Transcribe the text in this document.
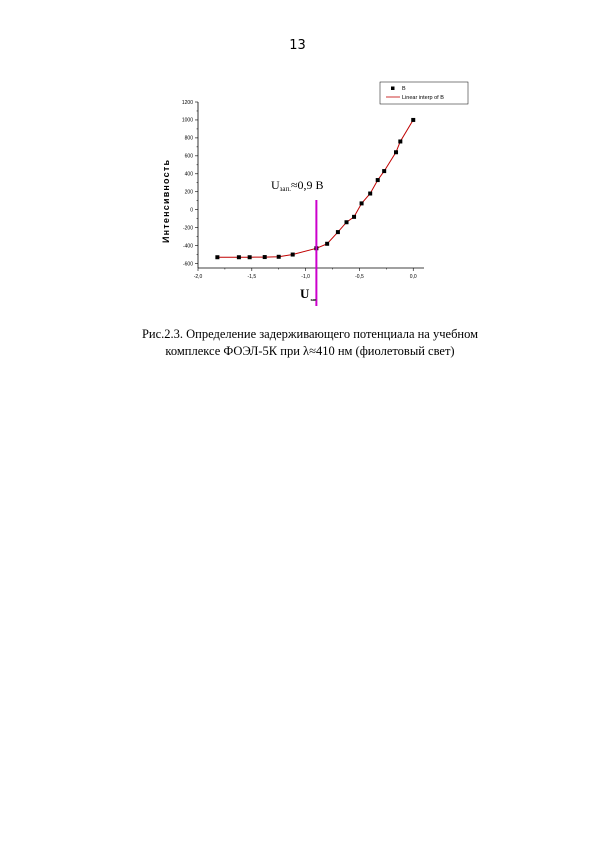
13
-600
-400
-200
0
200
400
600
800
1000
1200
-2,0	-1,5	-1,0	-0,5	0,0
Uзап.≈0,9 В
B
Linear interp of B
Интенсивность
$U_{зап}$
Рис.2.3. Определение задерживающего потенциала на учебном
комплексе ФОЭЛ-5К при λ≈410 нм (фиолетовый свет)
